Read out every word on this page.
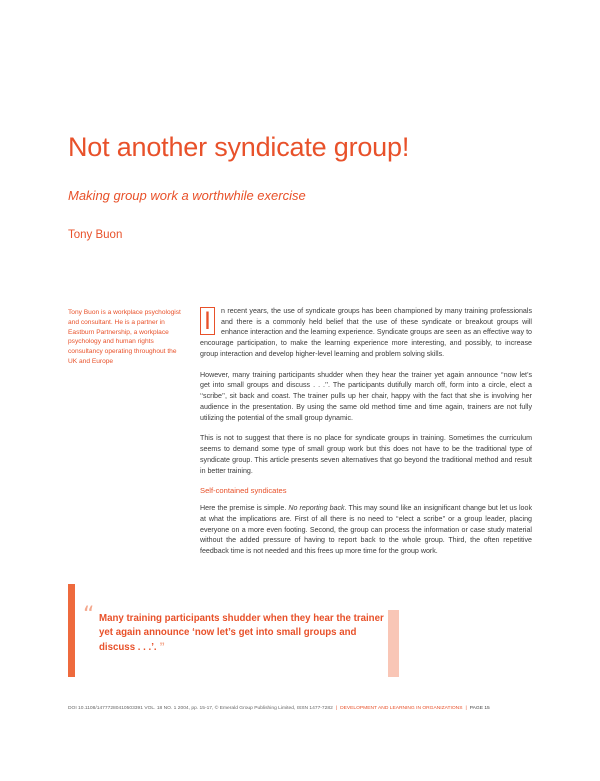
Not another syndicate group!
Making group work a worthwhile exercise
Tony Buon
Tony Buon is a workplace psychologist and consultant. He is a partner in Eastburn Partnership, a workplace psychology and human rights consultancy operating throughout the UK and Europe

I	n recent years, the use of syndicate groups has been championed by many training professionals and there is a commonly held belief that the use of these syndicate or breakout groups will enhance interaction and the learning experience. Syndicate groups are seen as an effective way to encourage participation, to make the learning experience more interesting, and possibly, to increase group interaction and develop higher-level learning and problem solving skills.

However, many training participants shudder when they hear the trainer yet again announce ‘‘now let’s get into small groups and discuss . . .’’. The participants dutifully march off, form into a circle, elect a ‘‘scribe’’, sit back and coast. The trainer pulls up her chair, happy with the fact that she is involving her audience in the presentation. By using the same old method time and time again, trainers are not fully utilizing the potential of the small group dynamic.

This is not to suggest that there is no place for syndicate groups in training. Sometimes the curriculum seems to demand some type of small group work but this does not have to be the traditional type of syndicate group. This article presents seven alternatives that go beyond the traditional method and result in better training.

Self-contained syndicates

Here the premise is simple. No reporting back. This may sound like an insignificant change but let us look at what the implications are. First of all there is no need to ‘‘elect a scribe’’ or a group leader, placing everyone on a more even footing. Second, the group can process the information or case study material without the added pressure of having to report back to the whole group. Third, the often repetitive feedback time is not needed and this frees up more time for the group work.

“ Many training participants shudder when they hear the trainer yet again announce ‘now let’s get into small groups and discuss . . .’. ”
DOI 10.1108/14777280410503391 VOL. 18 NO. 1 2004, pp. 15-17, © Emerald Group Publishing Limited, ISSN 1477-7282 | DEVELOPMENT AND LEARNING IN ORGANIZATIONS | PAGE 15
